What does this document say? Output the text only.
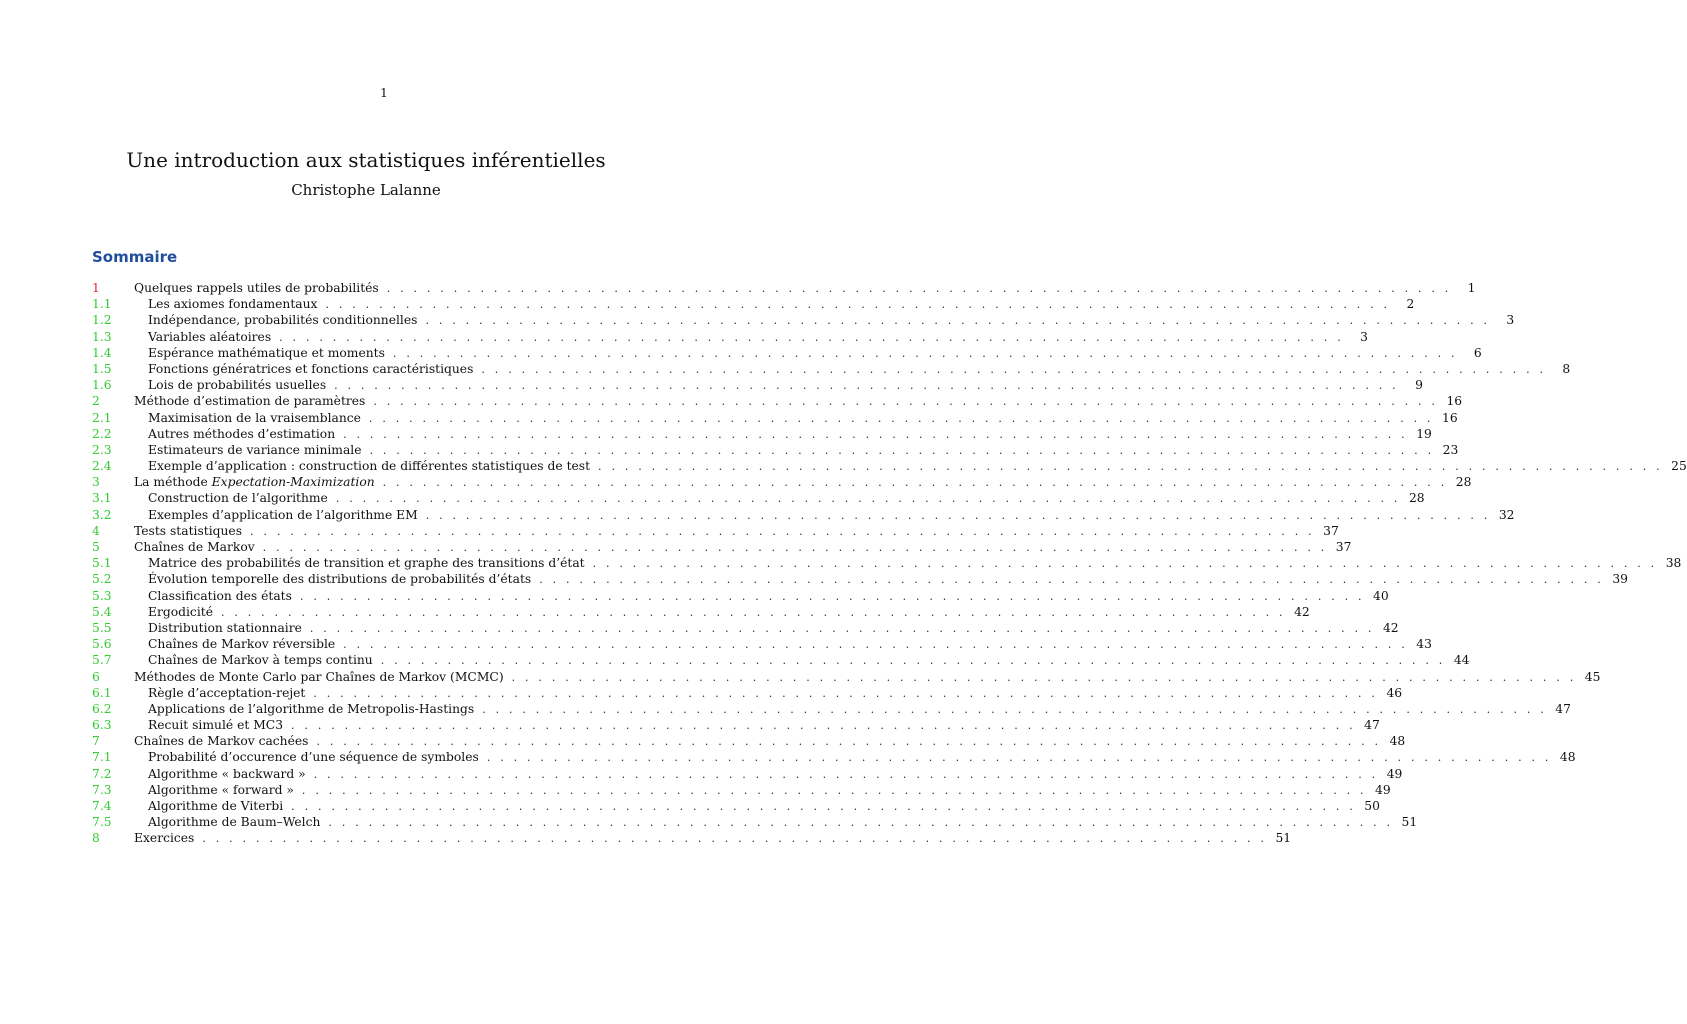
1
Une introduction aux statistiques inférentielles
Christophe Lalanne
Sommaire
1	Quelques rappels utiles de probabilités . . . . . . . . . . . . . . . . . . . . . . . . . . . . . . . . . . . . . . . . . . . . . . . . . . . . . . . . . . . . . . . . . . . . . . . . . . . . . . . .	1
1.1	Les axiomes fondamentaux . . . . . . . . . . . . . . . . . . . . . . . . . . . . . . . . . . . . . . . . . . . . . . . . . . . . . . . . . . . . . . . . . . . . . . . . . . . . . . . .	2
1.2	Indépendance, probabilités conditionnelles . . . . . . . . . . . . . . . . . . . . . . . . . . . . . . . . . . . . . . . . . . . . . . . . . . . . . . . . . . . . . . . . . . . . . . . . . . . . . . . .	3
1.3	Variables aléatoires . . . . . . . . . . . . . . . . . . . . . . . . . . . . . . . . . . . . . . . . . . . . . . . . . . . . . . . . . . . . . . . . . . . . . . . . . . . . . . . .	3
1.4	Espérance mathématique et moments . . . . . . . . . . . . . . . . . . . . . . . . . . . . . . . . . . . . . . . . . . . . . . . . . . . . . . . . . . . . . . . . . . . . . . . . . . . . . . . .	6
1.5	Fonctions génératrices et fonctions caractéristiques . . . . . . . . . . . . . . . . . . . . . . . . . . . . . . . . . . . . . . . . . . . . . . . . . . . . . . . . . . . . . . . . . . . . . . . . . . . . . . . .	8
1.6	Lois de probabilités usuelles . . . . . . . . . . . . . . . . . . . . . . . . . . . . . . . . . . . . . . . . . . . . . . . . . . . . . . . . . . . . . . . . . . . . . . . . . . . . . . . .	9
2	Méthode d’estimation de paramètres . . . . . . . . . . . . . . . . . . . . . . . . . . . . . . . . . . . . . . . . . . . . . . . . . . . . . . . . . . . . . . . . . . . . . . . . . . . . . . . . 16
2.1	Maximisation de la vraisemblance . . . . . . . . . . . . . . . . . . . . . . . . . . . . . . . . . . . . . . . . . . . . . . . . . . . . . . . . . . . . . . . . . . . . . . . . . . . . . . . . 16
2.2	Autres méthodes d’estimation . . . . . . . . . . . . . . . . . . . . . . . . . . . . . . . . . . . . . . . . . . . . . . . . . . . . . . . . . . . . . . . . . . . . . . . . . . . . . . . . 19
2.3	Estimateurs de variance minimale . . . . . . . . . . . . . . . . . . . . . . . . . . . . . . . . . . . . . . . . . . . . . . . . . . . . . . . . . . . . . . . . . . . . . . . . . . . . . . . . 23
2.4	Exemple d’application : construction de différentes statistiques de test . . . . . . . . . . . . . . . . . . . . . . . . . . . . . . . . . . . . . . . . . . . . . . . . . . . . . . . . . . . . . . . . . . . . . . . . . . . . . . . . 25
3	La méthode Expectation-Maximization . . . . . . . . . . . . . . . . . . . . . . . . . . . . . . . . . . . . . . . . . . . . . . . . . . . . . . . . . . . . . . . . . . . . . . . . . . . . . . . . 28
3.1	Construction de l’algorithme . . . . . . . . . . . . . . . . . . . . . . . . . . . . . . . . . . . . . . . . . . . . . . . . . . . . . . . . . . . . . . . . . . . . . . . . . . . . . . . . 28
3.2	Exemples d’application de l’algorithme EM . . . . . . . . . . . . . . . . . . . . . . . . . . . . . . . . . . . . . . . . . . . . . . . . . . . . . . . . . . . . . . . . . . . . . . . . . . . . . . . . 32
4	Tests statistiques . . . . . . . . . . . . . . . . . . . . . . . . . . . . . . . . . . . . . . . . . . . . . . . . . . . . . . . . . . . . . . . . . . . . . . . . . . . . . . . . 37
5	Chaînes de Markov . . . . . . . . . . . . . . . . . . . . . . . . . . . . . . . . . . . . . . . . . . . . . . . . . . . . . . . . . . . . . . . . . . . . . . . . . . . . . . . . 37
5.1	Matrice des probabilités de transition et graphe des transitions d’état . . . . . . . . . . . . . . . . . . . . . . . . . . . . . . . . . . . . . . . . . . . . . . . . . . . . . . . . . . . . . . . . . . . . . . . . . . . . . . . . 38
5.2	Évolution temporelle des distributions de probabilités d’états . . . . . . . . . . . . . . . . . . . . . . . . . . . . . . . . . . . . . . . . . . . . . . . . . . . . . . . . . . . . . . . . . . . . . . . . . . . . . . . . 39
5.3	Classification des états . . . . . . . . . . . . . . . . . . . . . . . . . . . . . . . . . . . . . . . . . . . . . . . . . . . . . . . . . . . . . . . . . . . . . . . . . . . . . . . . 40
5.4	Ergodicité . . . . . . . . . . . . . . . . . . . . . . . . . . . . . . . . . . . . . . . . . . . . . . . . . . . . . . . . . . . . . . . . . . . . . . . . . . . . . . . . 42
5.5	Distribution stationnaire . . . . . . . . . . . . . . . . . . . . . . . . . . . . . . . . . . . . . . . . . . . . . . . . . . . . . . . . . . . . . . . . . . . . . . . . . . . . . . . . 42
5.6	Chaînes de Markov réversible . . . . . . . . . . . . . . . . . . . . . . . . . . . . . . . . . . . . . . . . . . . . . . . . . . . . . . . . . . . . . . . . . . . . . . . . . . . . . . . . 43
5.7	Chaînes de Markov à temps continu . . . . . . . . . . . . . . . . . . . . . . . . . . . . . . . . . . . . . . . . . . . . . . . . . . . . . . . . . . . . . . . . . . . . . . . . . . . . . . . . 44
6	Méthodes de Monte Carlo par Chaînes de Markov (MCMC) . . . . . . . . . . . . . . . . . . . . . . . . . . . . . . . . . . . . . . . . . . . . . . . . . . . . . . . . . . . . . . . . . . . . . . . . . . . . . . . . 45
6.1	Règle d’acceptation-rejet . . . . . . . . . . . . . . . . . . . . . . . . . . . . . . . . . . . . . . . . . . . . . . . . . . . . . . . . . . . . . . . . . . . . . . . . . . . . . . . . 46
6.2	Applications de l’algorithme de Metropolis-Hastings . . . . . . . . . . . . . . . . . . . . . . . . . . . . . . . . . . . . . . . . . . . . . . . . . . . . . . . . . . . . . . . . . . . . . . . . . . . . . . . . 47
6.3	Recuit simulé et MC3 . . . . . . . . . . . . . . . . . . . . . . . . . . . . . . . . . . . . . . . . . . . . . . . . . . . . . . . . . . . . . . . . . . . . . . . . . . . . . . . . 47
7	Chaînes de Markov cachées . . . . . . . . . . . . . . . . . . . . . . . . . . . . . . . . . . . . . . . . . . . . . . . . . . . . . . . . . . . . . . . . . . . . . . . . . . . . . . . . 48
7.1	Probabilité d’occurence d’une séquence de symboles . . . . . . . . . . . . . . . . . . . . . . . . . . . . . . . . . . . . . . . . . . . . . . . . . . . . . . . . . . . . . . . . . . . . . . . . . . . . . . . . 48
7.2	Algorithme « backward » . . . . . . . . . . . . . . . . . . . . . . . . . . . . . . . . . . . . . . . . . . . . . . . . . . . . . . . . . . . . . . . . . . . . . . . . . . . . . . . . 49
7.3	Algorithme « forward » . . . . . . . . . . . . . . . . . . . . . . . . . . . . . . . . . . . . . . . . . . . . . . . . . . . . . . . . . . . . . . . . . . . . . . . . . . . . . . . . 49
7.4	Algorithme de Viterbi . . . . . . . . . . . . . . . . . . . . . . . . . . . . . . . . . . . . . . . . . . . . . . . . . . . . . . . . . . . . . . . . . . . . . . . . . . . . . . . . 50
7.5	Algorithme de Baum–Welch . . . . . . . . . . . . . . . . . . . . . . . . . . . . . . . . . . . . . . . . . . . . . . . . . . . . . . . . . . . . . . . . . . . . . . . . . . . . . . . . 51
8	Exercices . . . . . . . . . . . . . . . . . . . . . . . . . . . . . . . . . . . . . . . . . . . . . . . . . . . . . . . . . . . . . . . . . . . . . . . . . . . . . . . . 51
